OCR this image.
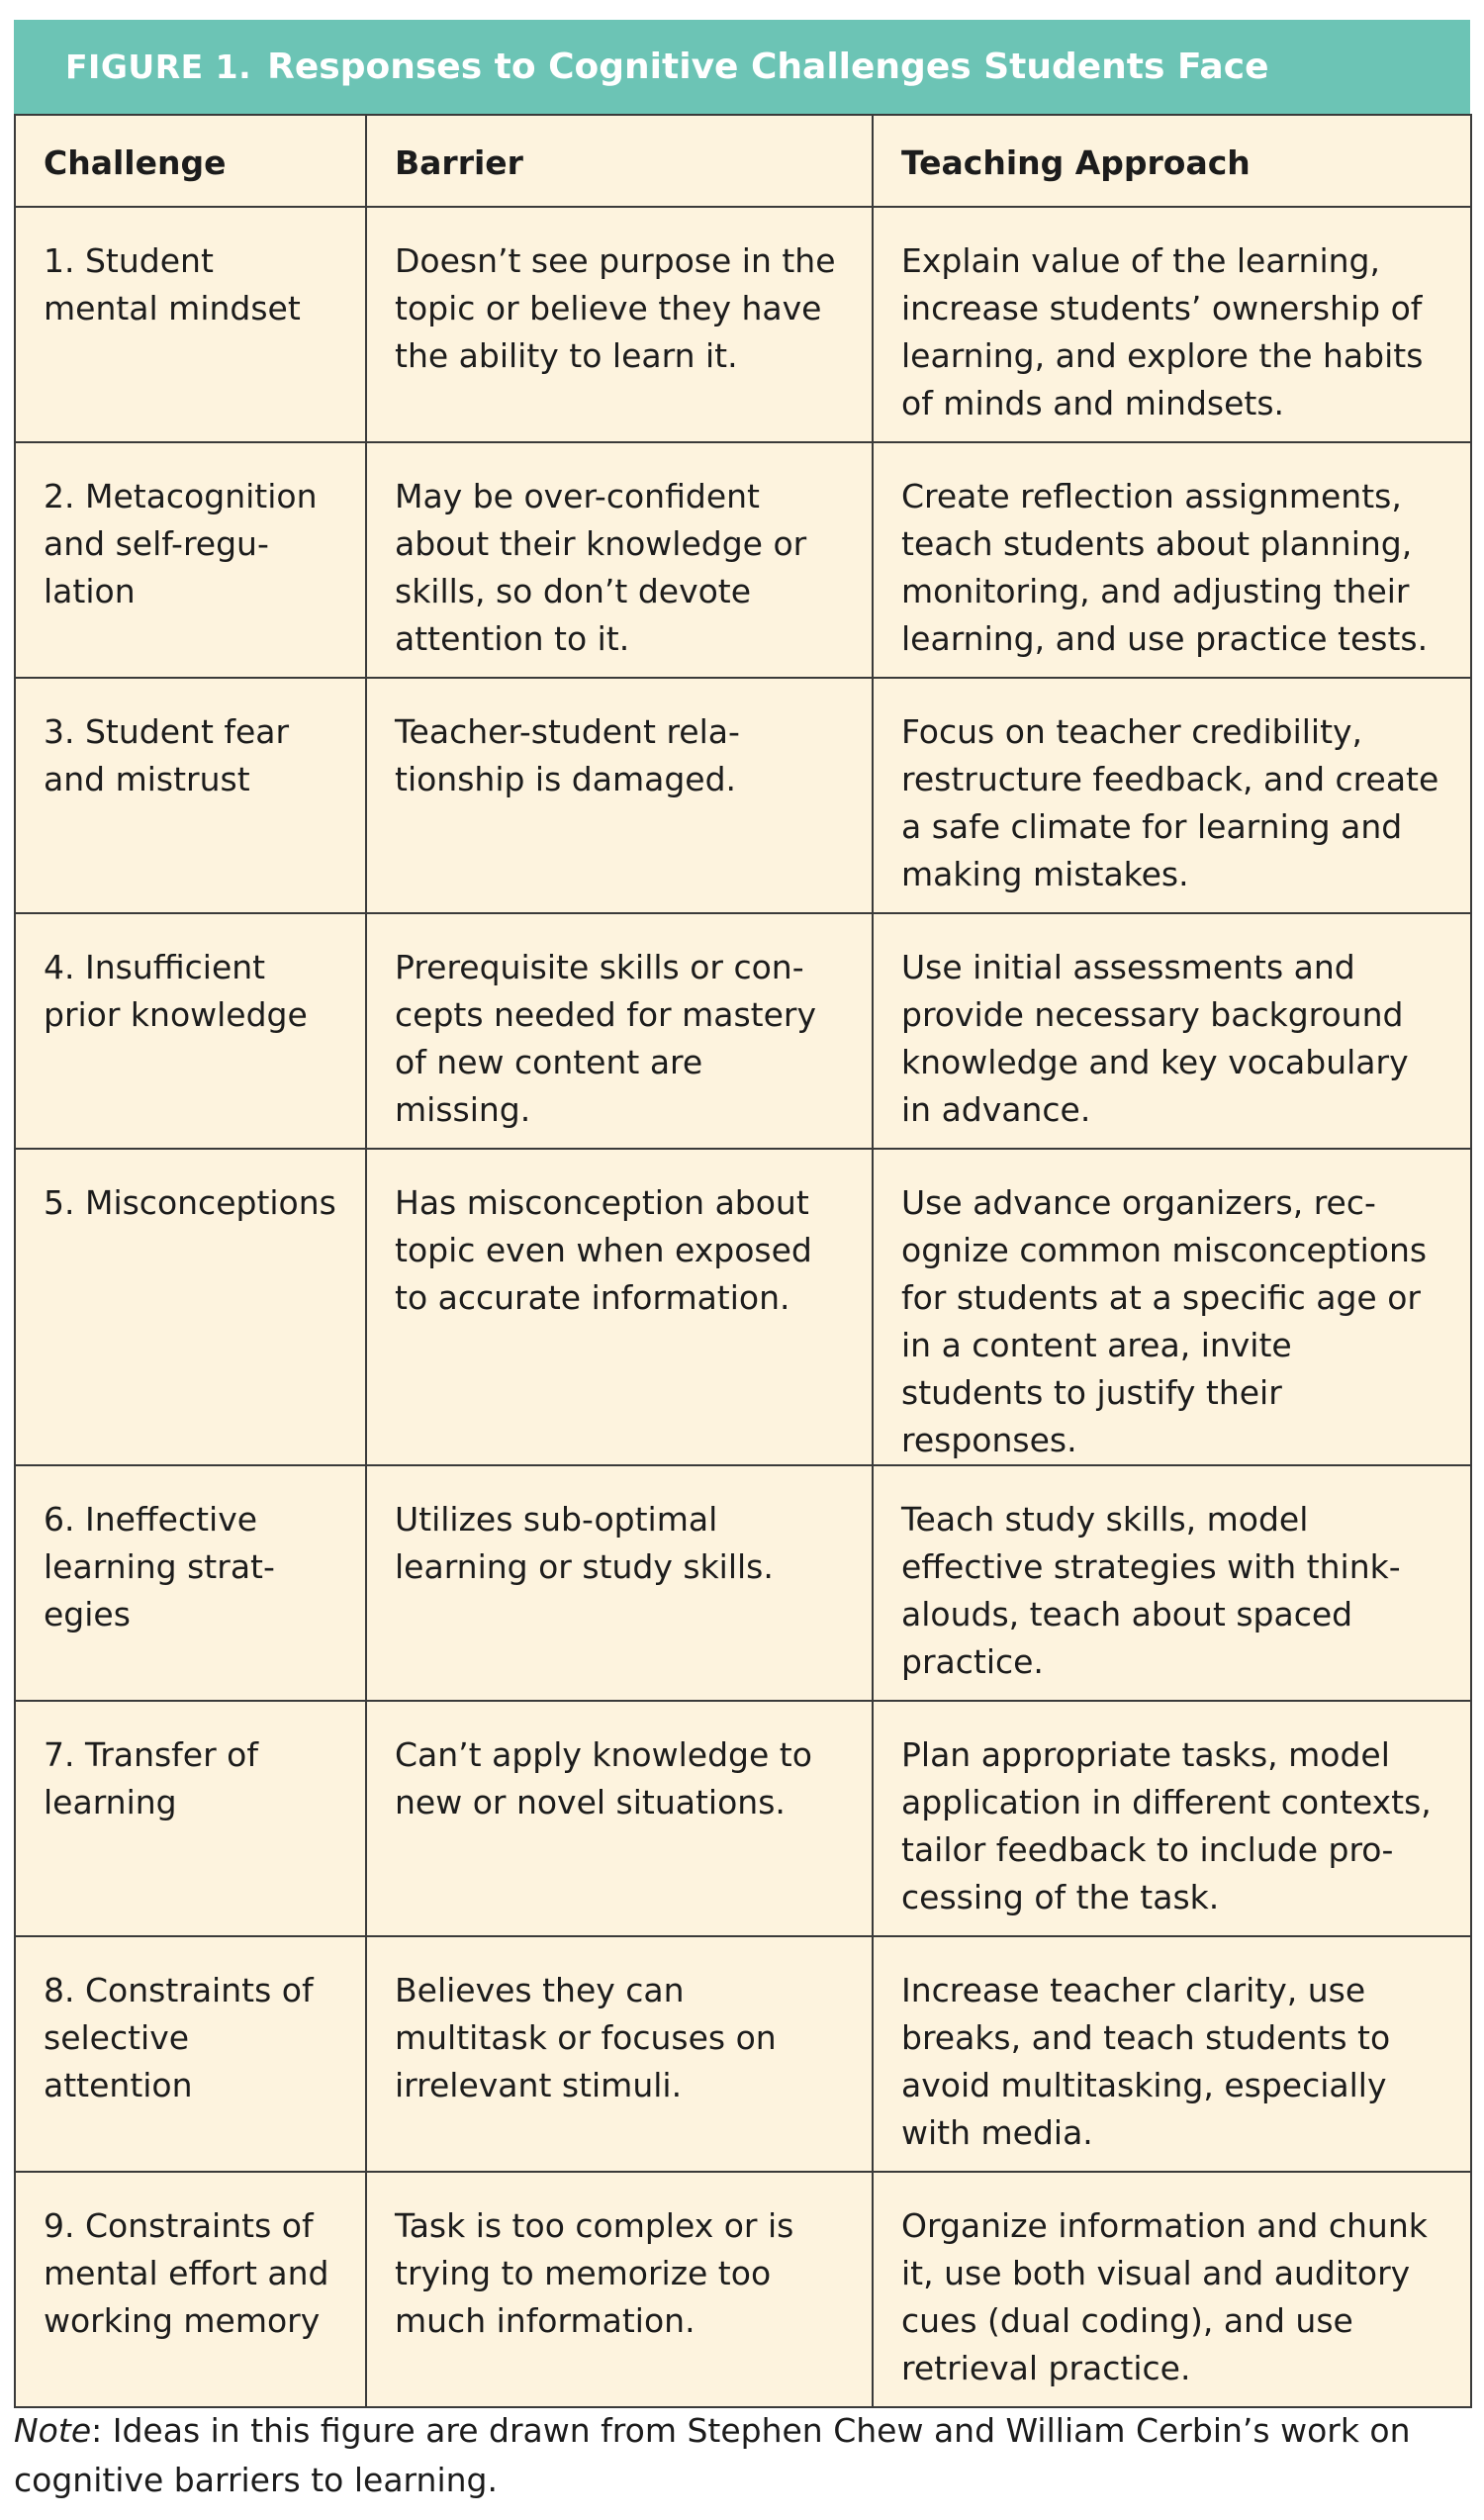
FIGURE 1. Responses to Cognitive Challenges Students Face
Challenge	Barrier	Teaching Approach
1. Student mental mindset	Doesn’t see purpose in the topic or believe they have the ability to learn it.	Explain value of the learning, increase students’ ownership of learning, and explore the habits of minds and mindsets.
2. Metacognition and self-regulation	May be over-confident about their knowledge or skills, so don’t devote attention to it.	Create reflection assignments, teach students about planning, monitoring, and adjusting their learning, and use practice tests.
3. Student fear and mistrust	Teacher-student relationship is damaged.	Focus on teacher credibility, restructure feedback, and create a safe climate for learning and making mistakes.
4. Insufficient prior knowledge	Prerequisite skills or concepts needed for mastery of new content are missing.	Use initial assessments and provide necessary background knowledge and key vocabulary in advance.
5. Misconceptions	Has misconception about topic even when exposed to accurate information.	Use advance organizers, recognize common misconceptions for students at a specific age or in a content area, invite students to justify their responses.
6. Ineffective learning strategies	Utilizes sub-optimal learning or study skills.	Teach study skills, model effective strategies with think-alouds, teach about spaced practice.
7. Transfer of learning	Can’t apply knowledge to new or novel situations.	Plan appropriate tasks, model application in different contexts, tailor feedback to include processing of the task.
8. Constraints of selective attention	Believes they can multitask or focuses on irrelevant stimuli.	Increase teacher clarity, use breaks, and teach students to avoid multitasking, especially with media.
9. Constraints of mental effort and working memory	Task is too complex or is trying to memorize too much information.	Organize information and chunk it, use both visual and auditory cues (dual coding), and use retrieval practice.
Note: Ideas in this figure are drawn from Stephen Chew and William Cerbin’s work on cognitive barriers to learning.
